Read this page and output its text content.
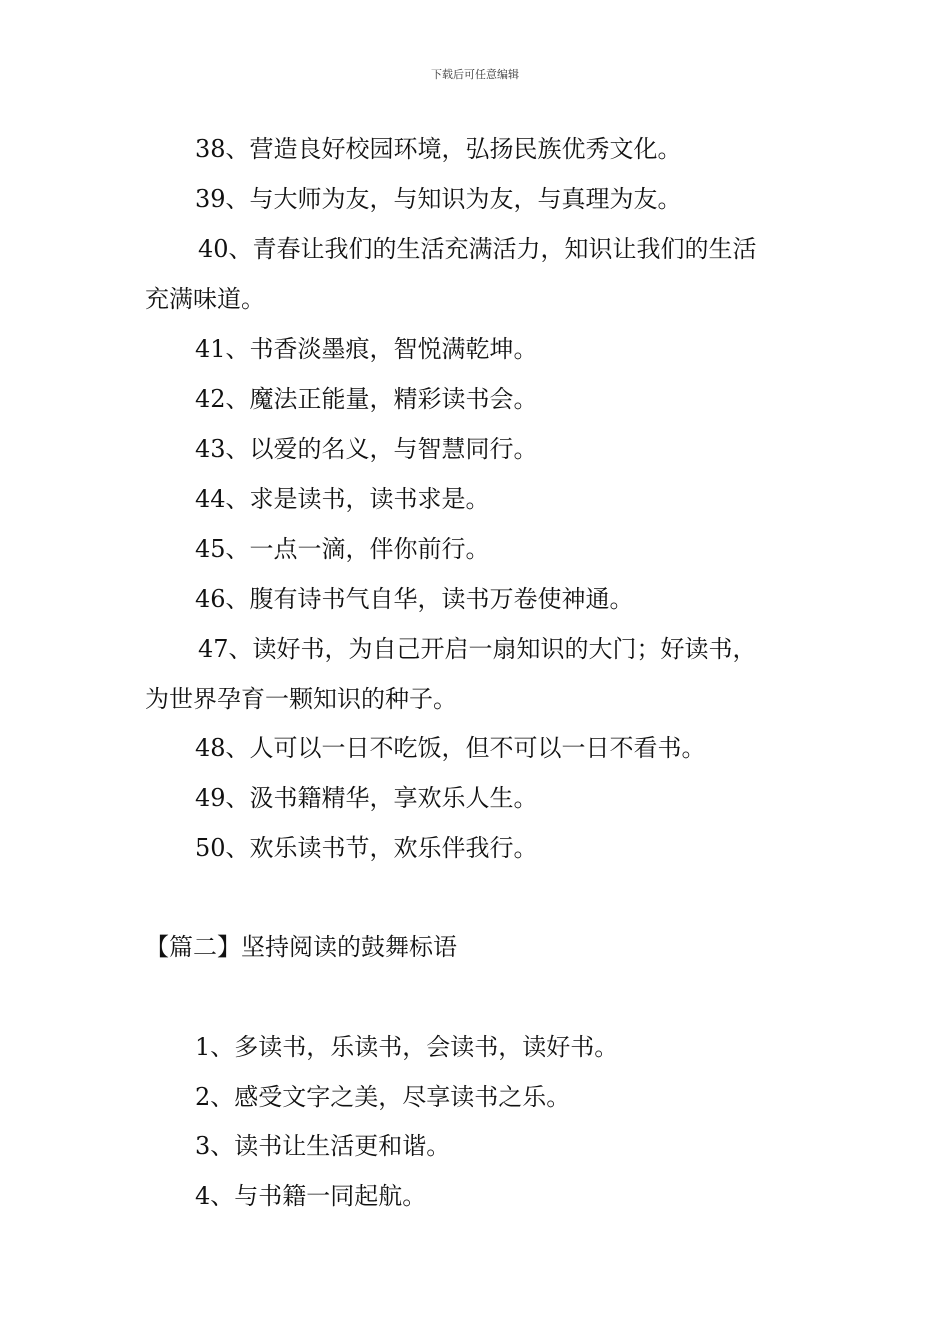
下载后可任意编辑
38、营造良好校园环境，弘扬民族优秀文化。
39、与大师为友，与知识为友，与真理为友。
40、青春让我们的生活充满活力，知识让我们的生活
充满味道。
41、书香淡墨痕，智悦满乾坤。
42、魔法正能量，精彩读书会。
43、以爱的名义，与智慧同行。
44、求是读书，读书求是。
45、一点一滴，伴你前行。
46、腹有诗书气自华，读书万卷使神通。
47、读好书，为自己开启一扇知识的大门；好读书，
为世界孕育一颗知识的种子。
48、人可以一日不吃饭，但不可以一日不看书。
49、汲书籍精华，享欢乐人生。
50、欢乐读书节，欢乐伴我行。
【篇二】坚持阅读的鼓舞标语
1、多读书，乐读书，会读书，读好书。
2、感受文字之美，尽享读书之乐。
3、读书让生活更和谐。
4、与书籍一同起航。
